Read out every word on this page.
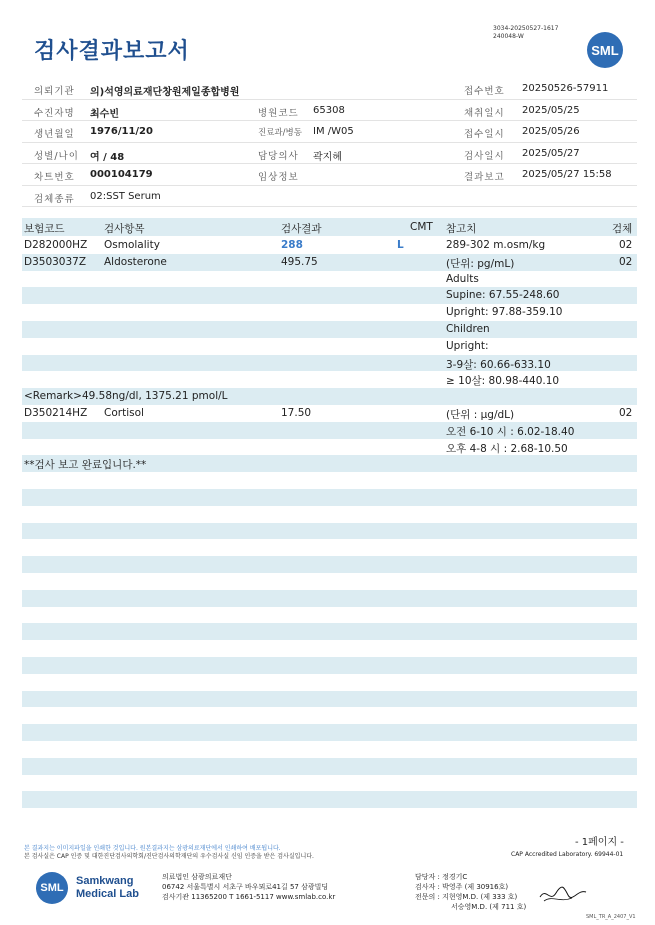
검사결과보고서
3034-20250527-1617
240048-W
SML
의뢰기관 의)석영의료재단창원제일종합병원	접수번호 20250526-57911
수진자명 최수빈	병원코드 65308	채취일시 2025/05/25
생년월일 1976/11/20	진료과/병동 IM /W05	접수일시 2025/05/26
성별/나이 여 / 48	담당의사 곽지혜	검사일시 2025/05/27
차트번호 000104179	임상정보	결과보고 2025/05/27 15:58
검체종류 02:SST Serum
보험코드	검사항목	검사결과	CMT 참고치	검체
D282000HZ Osmolality	288	L	289-302 m.osm/kg	02
D3503037Z Aldosterone	495.75	(단위: pg/mL)	02
Adults
Supine: 67.55-248.60
Upright: 97.88-359.10
Children
Upright:
3-9살: 60.66-633.10
≥ 10살: 80.98-440.10
<Remark>49.58ng/dl, 1375.21 pmol/L
D350214HZ Cortisol	17.50	(단위 : μg/dL)	02
오전 6-10 시 : 6.02-18.40
오후 4-8 시 : 2.68-10.50
**검사 보고 완료입니다.**
- 1페이지 -
본 결과지는 이미지파일을 인쇄한 것입니다. 원본결과지는 삼광의료재단에서 인쇄하여 배포됩니다.
본 검사실은 CAP 인증 및 대한진단검사의학회/진단검사의학재단의 우수검사실 신임 인증을 받은 검사실입니다.	CAP Accredited Laboratory. 69944-01
SML
Samkwang
Medical Lab
의료법인 삼광의료재단
06742 서울특별시 서초구 바우뫼로41길 57 삼광빌딩
검사기관 11365200 T 1661-5117 www.smlab.co.kr
담당자 : 정경기C
검사자 : 박영주 (제 30916호)
전문의 : 지현영M.D. (제 333 호)
서승영M.D. (제 711 호)
SML_TR_A_2407_V1
